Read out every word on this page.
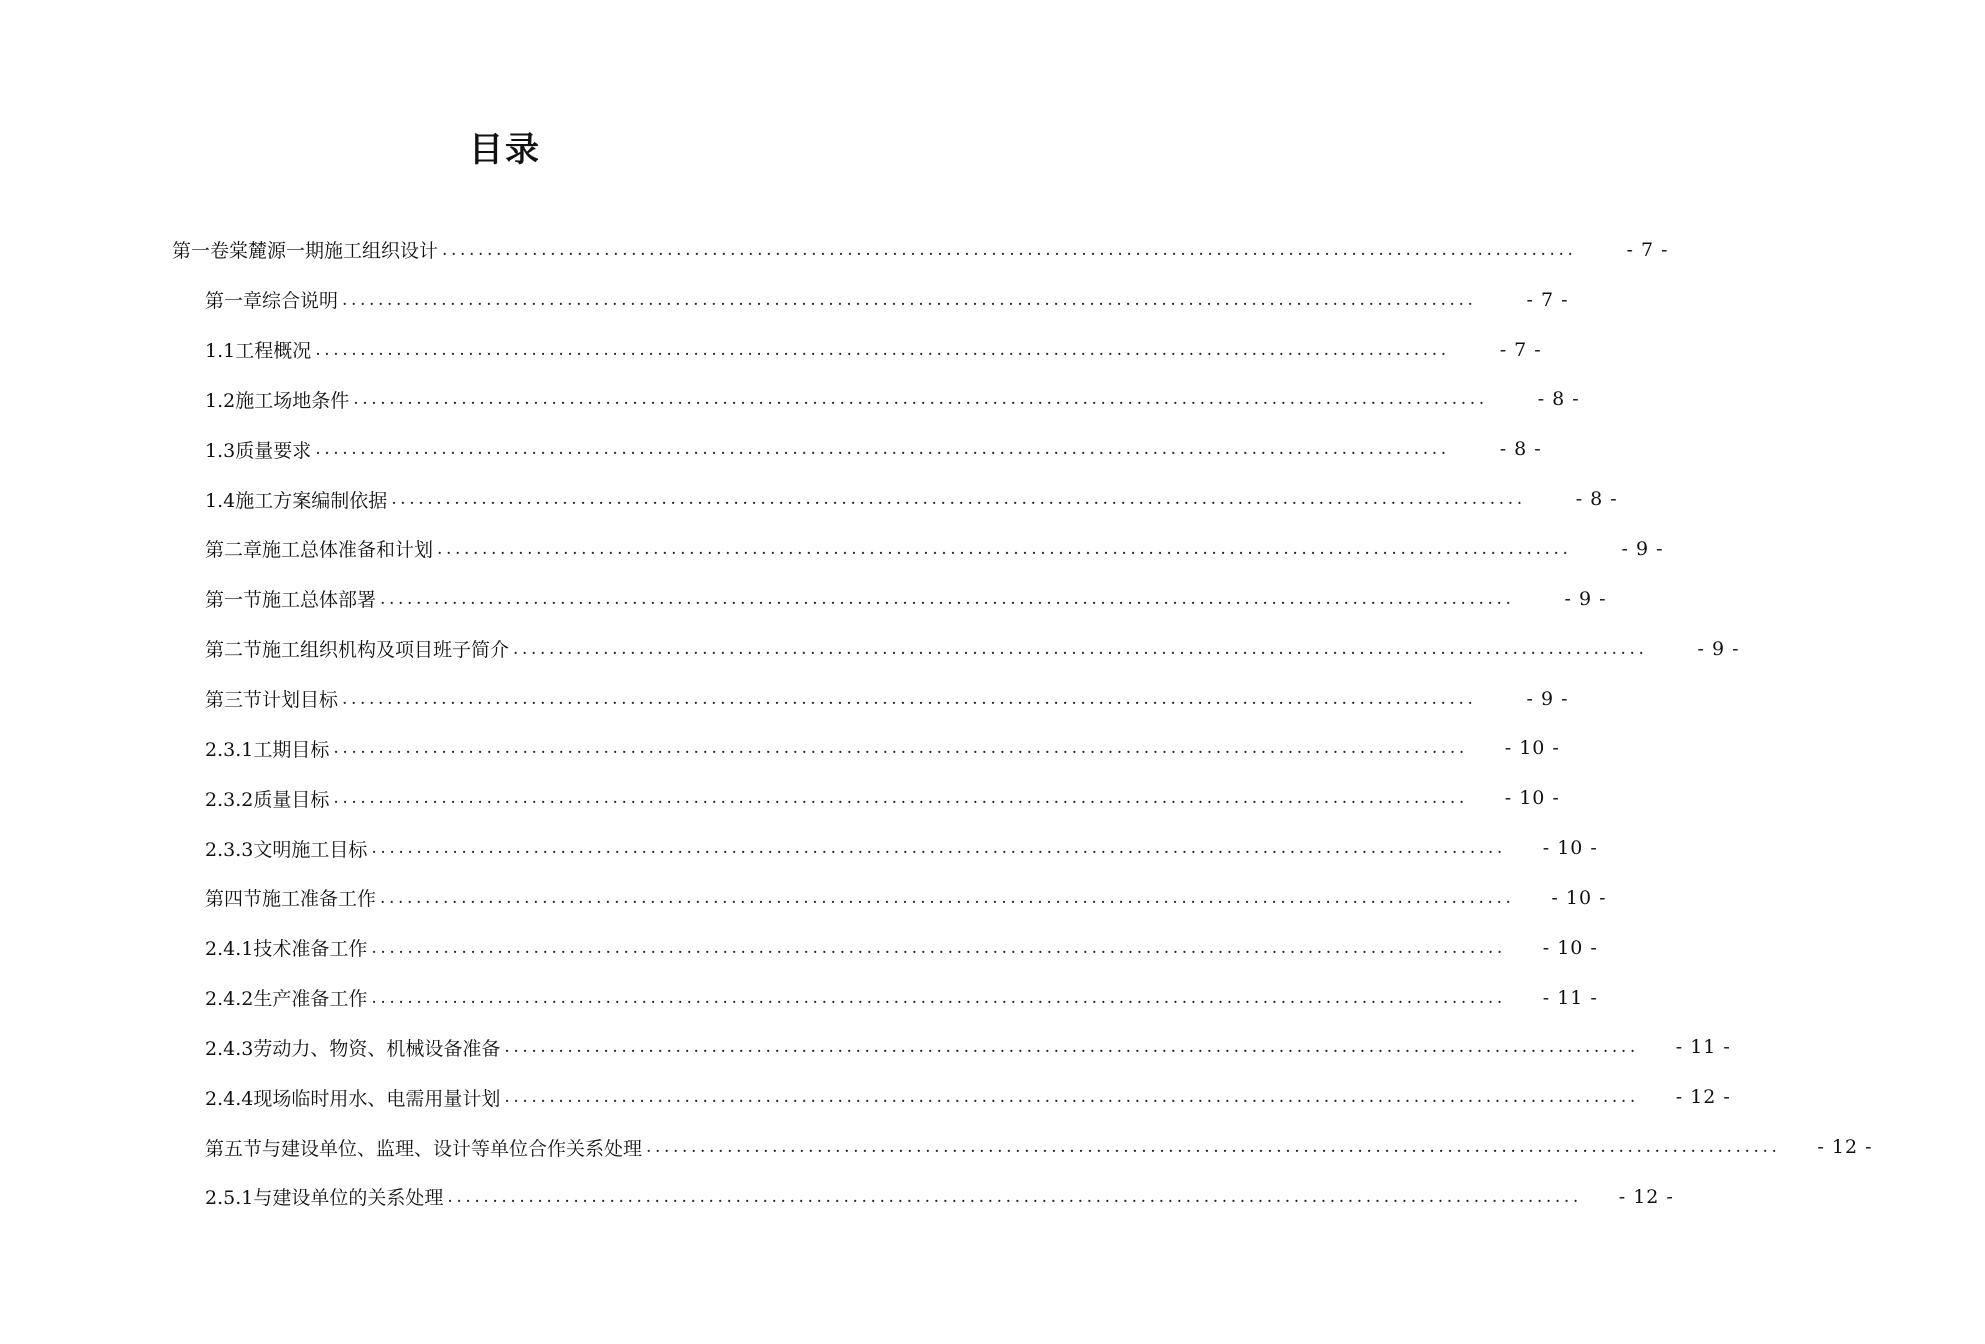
目录
第一卷棠麓源一期施工组织设计 ..............................................................................................................................	- 7 -
第一章综合说明 ..............................................................................................................................	- 7 -
1.1工程概况 ..............................................................................................................................	- 7 -
1.2施工场地条件 ..............................................................................................................................	- 8 -
1.3质量要求 ..............................................................................................................................	- 8 -
1.4施工方案编制依据 ..............................................................................................................................	- 8 -
第二章施工总体准备和计划 ..............................................................................................................................	- 9 -
第一节施工总体部署 ..............................................................................................................................	- 9 -
第二节施工组织机构及项目班子简介 ..............................................................................................................................	- 9 -
第三节计划目标 ..............................................................................................................................	- 9 -
2.3.1工期目标 ..............................................................................................................................	- 10 -
2.3.2质量目标 ..............................................................................................................................	- 10 -
2.3.3文明施工目标 ..............................................................................................................................	- 10 -
第四节施工准备工作 ..............................................................................................................................	- 10 -
2.4.1技术准备工作 ..............................................................................................................................	- 10 -
2.4.2生产准备工作 ..............................................................................................................................	- 11 -
2.4.3劳动力、物资、机械设备准备 ..............................................................................................................................	- 11 -
2.4.4现场临时用水、电需用量计划 ..............................................................................................................................	- 12 -
第五节与建设单位、监理、设计等单位合作关系处理 ..............................................................................................................................	- 12 -
2.5.1与建设单位的关系处理 ..............................................................................................................................	- 12 -
